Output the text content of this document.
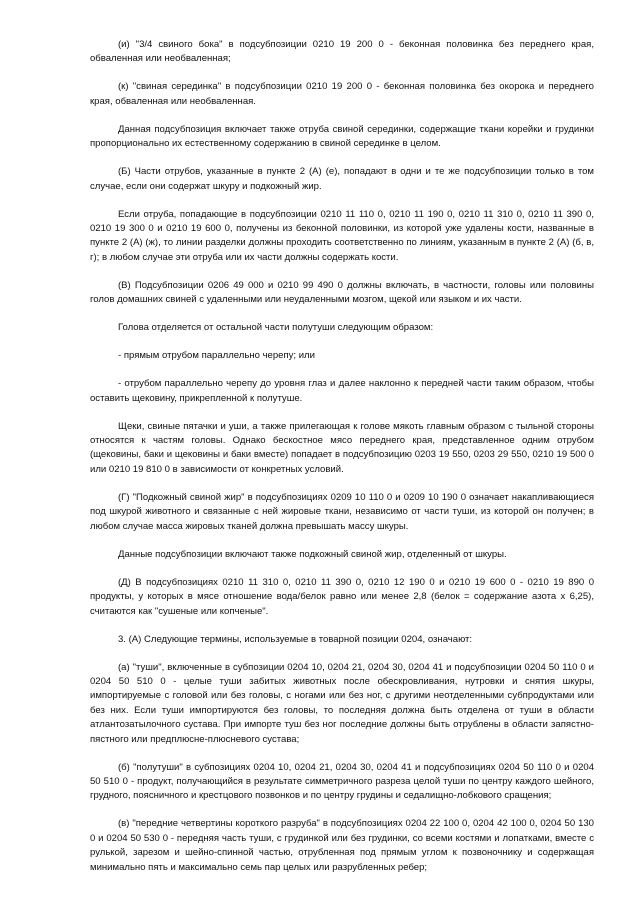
(и) "3/4 свиного бока" в подсубпозиции 0210 19 200 0 - беконная половинка без переднего края, обваленная или необваленная;

(к) "свиная серединка" в подсубпозиции 0210 19 200 0 - беконная половинка без окорока и переднего края, обваленная или необваленная.

Данная подсубпозиция включает также отруба свиной серединки, содержащие ткани корейки и грудинки пропорционально их естественному содержанию в свиной серединке в целом.

(Б) Части отрубов, указанные в пункте 2 (А) (е), попадают в одни и те же подсубпозиции только в том случае, если они содержат шкуру и подкожный жир.

Если отруба, попадающие в подсубпозиции 0210 11 110 0, 0210 11 190 0, 0210 11 310 0, 0210 11 390 0, 0210 19 300 0 и 0210 19 600 0, получены из беконной половинки, из которой уже удалены кости, названные в пункте 2 (А) (ж), то линии разделки должны проходить соответственно по линиям, указанным в пункте 2 (А) (б, в, г); в любом случае эти отруба или их части должны содержать кости.

(В) Подсубпозиции 0206 49 000 и 0210 99 490 0 должны включать, в частности, головы или половины голов домашних свиней с удаленными или неудаленными мозгом, щекой или языком и их части.

Голова отделяется от остальной части полутуши следующим образом:

- прямым отрубом параллельно черепу; или

- отрубом параллельно черепу до уровня глаз и далее наклонно к передней части таким образом, чтобы оставить щековину, прикрепленной к полутуше.

Щеки, свиные пятачки и уши, а также прилегающая к голове мякоть главным образом с тыльной стороны относятся к частям головы. Однако бескостное мясо переднего края, представленное одним отрубом (щековины, баки и щековины и баки вместе) попадает в подсубпозицию 0203 19 550, 0203 29 550, 0210 19 500 0 или 0210 19 810 0 в зависимости от конкретных условий.

(Г) "Подкожный свиной жир" в подсубпозициях 0209 10 110 0 и 0209 10 190 0 означает накапливающиеся под шкурой животного и связанные с ней жировые ткани, независимо от части туши, из которой он получен; в любом случае масса жировых тканей должна превышать массу шкуры.

Данные подсубпозиции включают также подкожный свиной жир, отделенный от шкуры.

(Д) В подсубпозициях 0210 11 310 0, 0210 11 390 0, 0210 12 190 0 и 0210 19 600 0 - 0210 19 890 0 продукты, у которых в мясе отношение вода/белок равно или менее 2,8 (белок = содержание азота x 6,25), считаются как "сушеные или копченые".

3. (А) Следующие термины, используемые в товарной позиции 0204, означают:

(а) "туши", включенные в субпозиции 0204 10, 0204 21, 0204 30, 0204 41 и подсубпозиции 0204 50 110 0 и 0204 50 510 0 - целые туши забитых животных после обескровливания, нутровки и снятия шкуры, импортируемые с головой или без головы, с ногами или без ног, с другими неотделенными субпродуктами или без них. Если туши импортируются без головы, то последняя должна быть отделена от туши в области атлантозатылочного сустава. При импорте туш без ног последние должны быть отрублены в области запястно-пястного или предплюсне-плюсневого сустава;

(б) "полутуши" в субпозициях 0204 10, 0204 21, 0204 30, 0204 41 и подсубпозициях 0204 50 110 0 и 0204 50 510 0 - продукт, получающийся в результате симметричного разреза целой туши по центру каждого шейного, грудного, поясничного и крестцового позвонков и по центру грудины и седалищно-лобкового сращения;

(в) "передние четвертины короткого разруба" в подсубпозициях 0204 22 100 0, 0204 42 100 0, 0204 50 130 0 и 0204 50 530 0 - передняя часть туши, с грудинкой или без грудинки, со всеми костями и лопатками, вместе с рулькой, зарезом и шейно-спинной частью, отрубленная под прямым углом к позвоночнику и содержащая минимально пять и максимально семь пар целых или разрубленных ребер;
